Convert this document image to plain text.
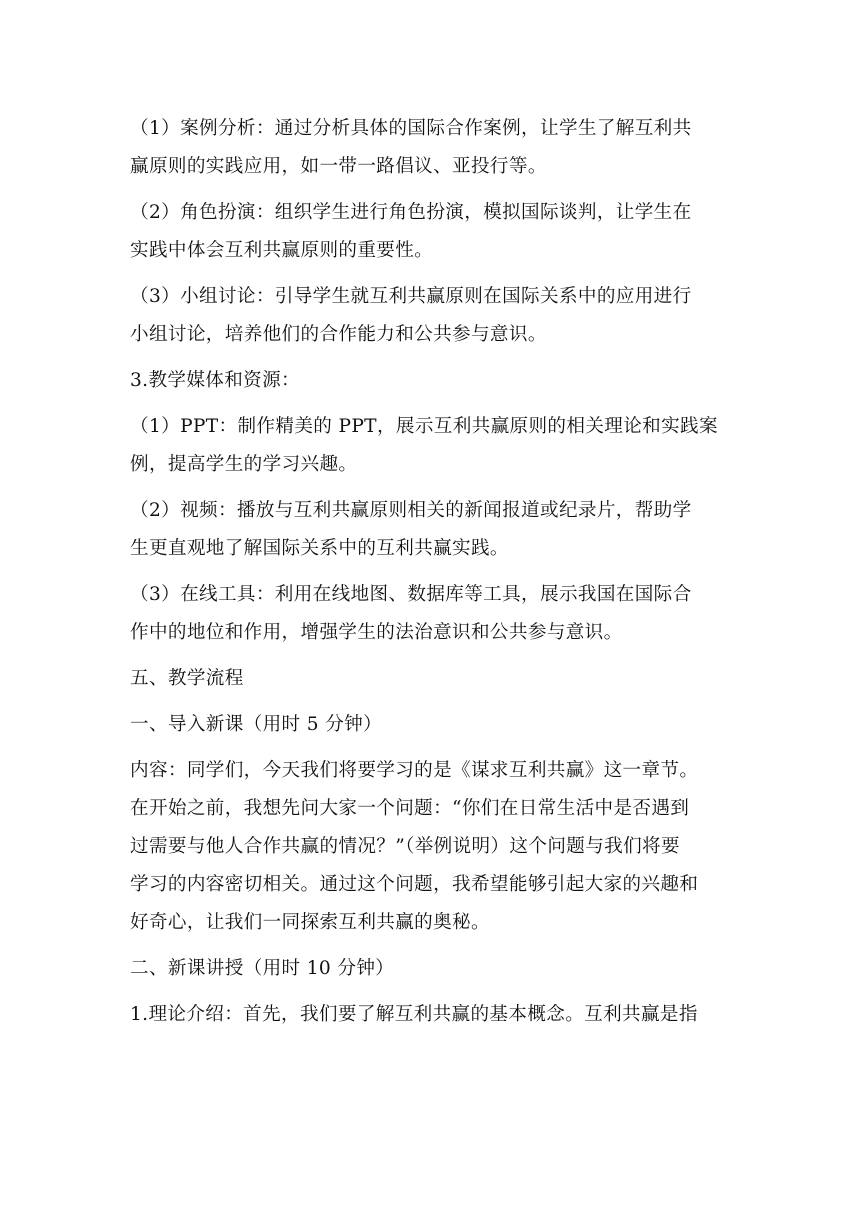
（1）案例分析：通过分析具体的国际合作案例，让学生了解互利共
赢原则的实践应用，如一带一路倡议、亚投行等。
（2）角色扮演：组织学生进行角色扮演，模拟国际谈判，让学生在
实践中体会互利共赢原则的重要性。
（3）小组讨论：引导学生就互利共赢原则在国际关系中的应用进行
小组讨论，培养他们的合作能力和公共参与意识。
3.教学媒体和资源：
（1）PPT：制作精美的 PPT，展示互利共赢原则的相关理论和实践案
例，提高学生的学习兴趣。
（2）视频：播放与互利共赢原则相关的新闻报道或纪录片，帮助学
生更直观地了解国际关系中的互利共赢实践。
（3）在线工具：利用在线地图、数据库等工具，展示我国在国际合
作中的地位和作用，增强学生的法治意识和公共参与意识。
五、教学流程
一、导入新课（用时 5 分钟）
内容：同学们，今天我们将要学习的是《谋求互利共赢》这一章节。
在开始之前，我想先问大家一个问题：“你们在日常生活中是否遇到
过需要与他人合作共赢的情况？”（举例说明）这个问题与我们将要
学习的内容密切相关。通过这个问题，我希望能够引起大家的兴趣和
好奇心，让我们一同探索互利共赢的奥秘。
二、新课讲授（用时 10 分钟）
1.理论介绍：首先，我们要了解互利共赢的基本概念。互利共赢是指
